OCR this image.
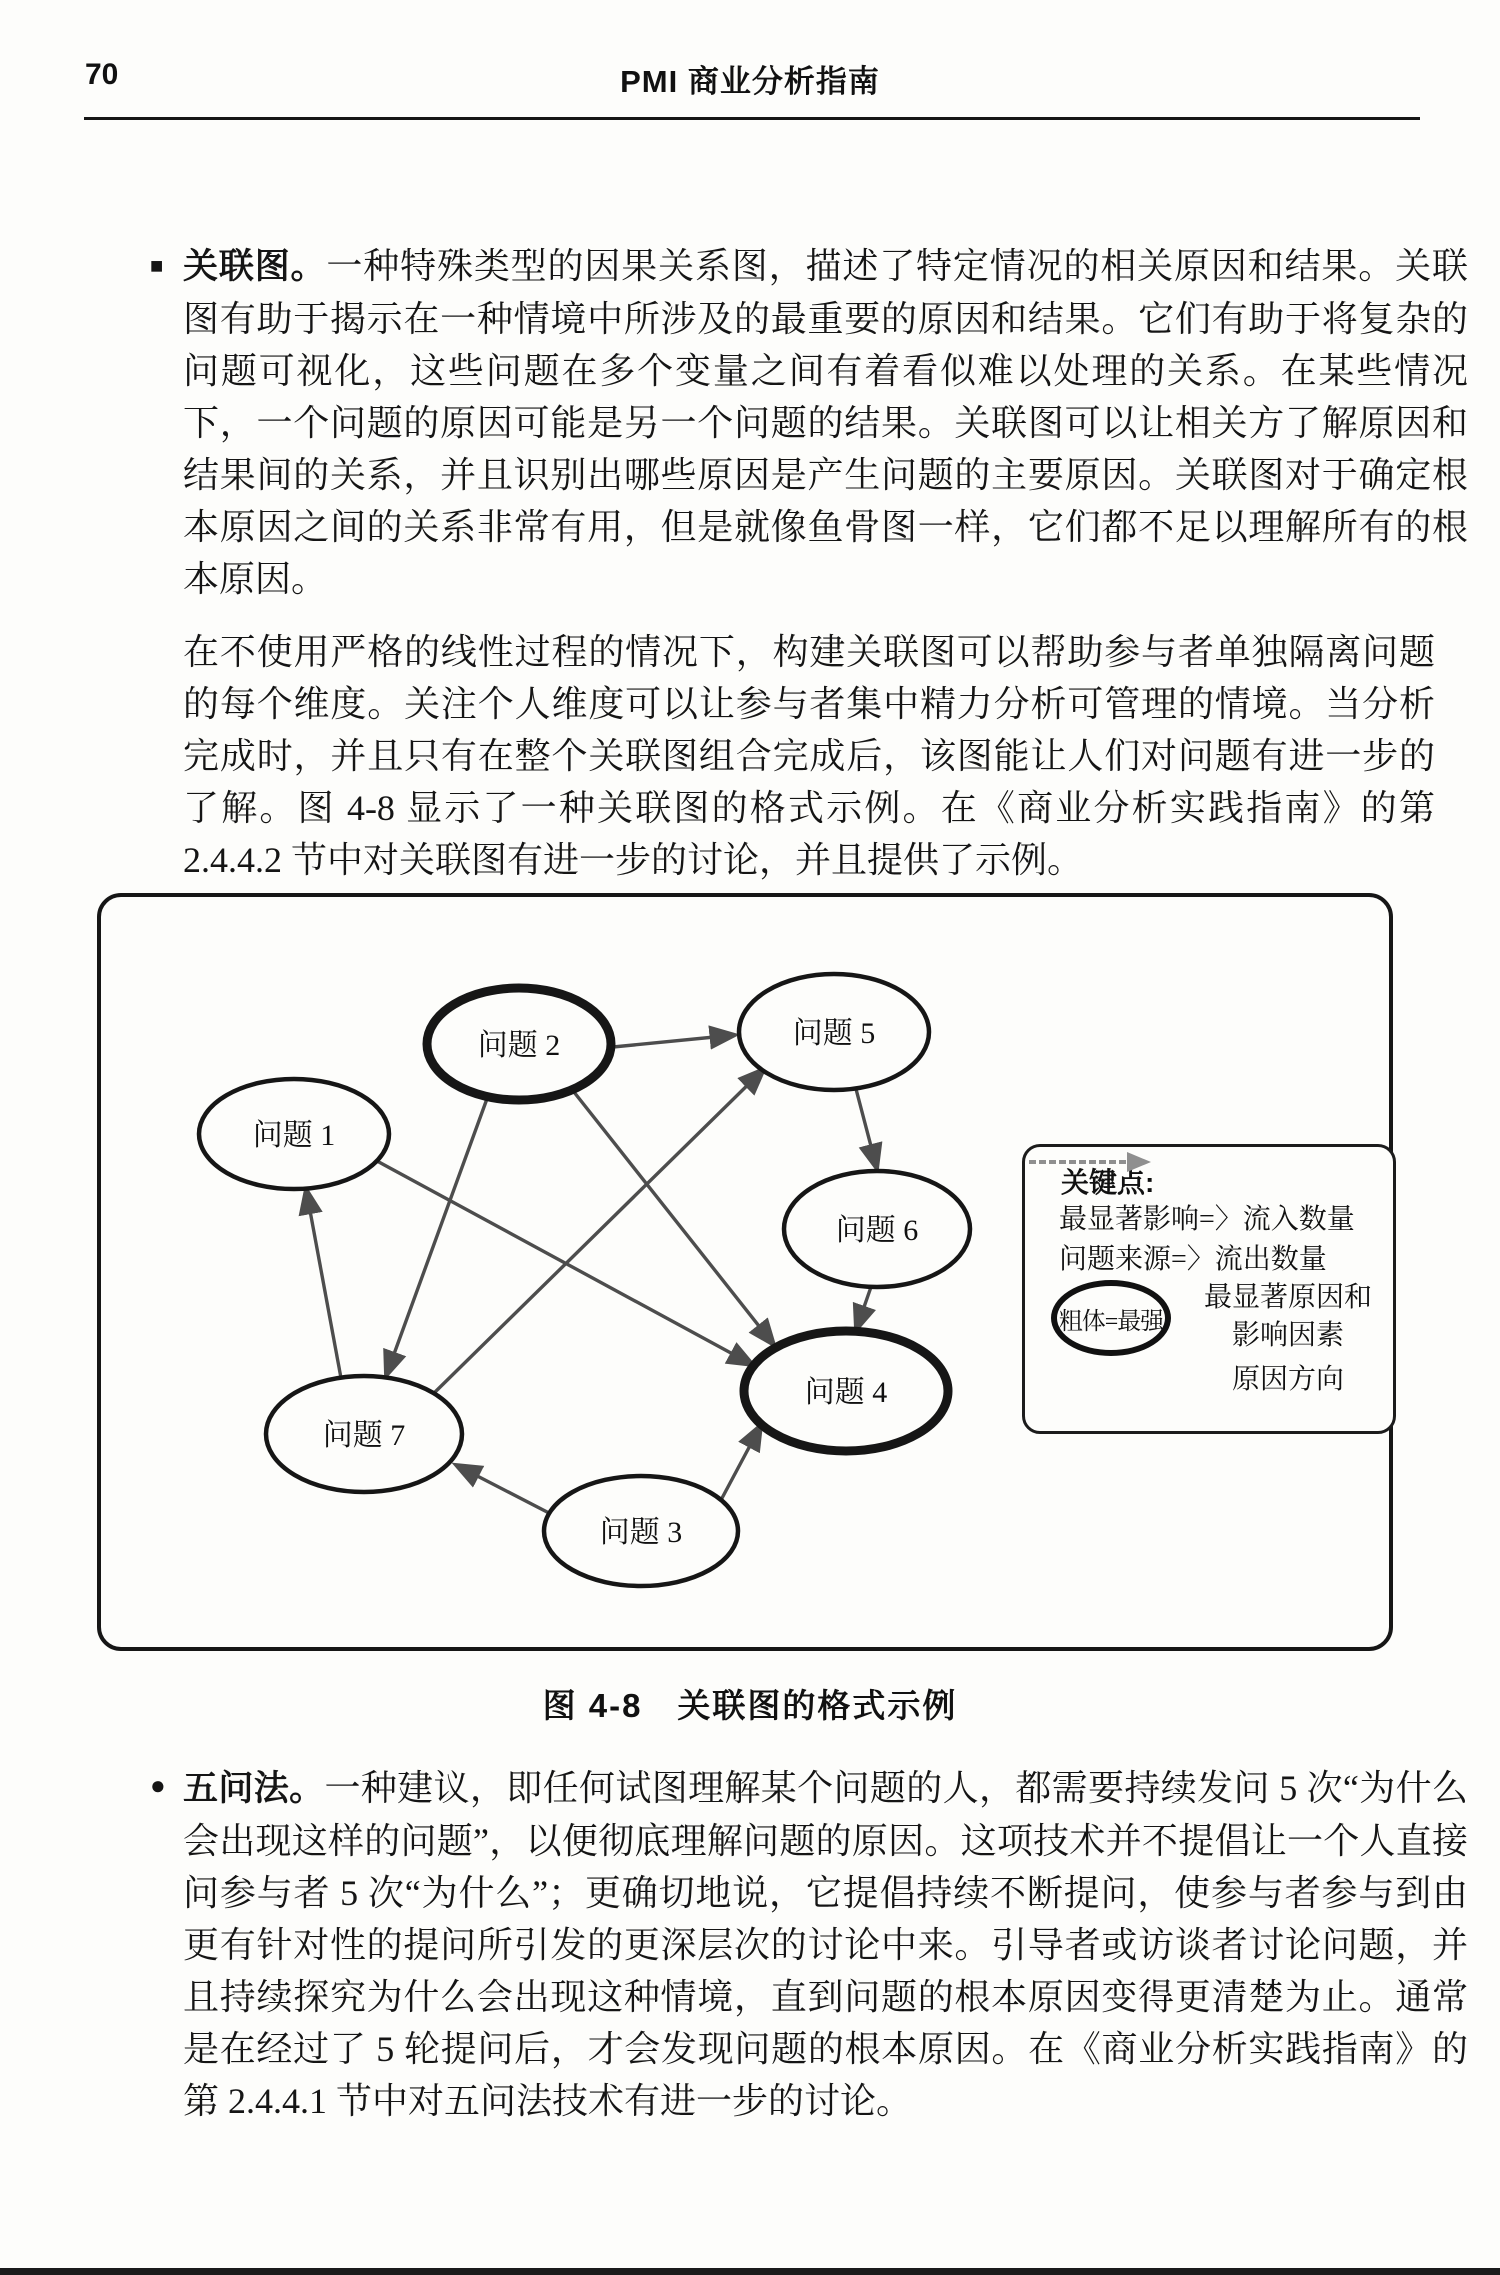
70	PMI 商业分析指南
■ 关联图。一种特殊类型的因果关系图，描述了特定情况的相关原因和结果。关联图有助于揭示在一种情境中所涉及的最重要的原因和结果。它们有助于将复杂的问题可视化，这些问题在多个变量之间有着看似难以处理的关系。在某些情况下，一个问题的原因可能是另一个问题的结果。关联图可以让相关方了解原因和结果间的关系，并且识别出哪些原因是产生问题的主要原因。关联图对于确定根本原因之间的关系非常有用，但是就像鱼骨图一样，它们都不足以理解所有的根本原因。
在不使用严格的线性过程的情况下，构建关联图可以帮助参与者单独隔离问题的每个维度。关注个人维度可以让参与者集中精力分析可管理的情境。当分析完成时，并且只有在整个关联图组合完成后，该图能让人们对问题有进一步的了解。图 4-8 显示了一种关联图的格式示例。在《商业分析实践指南》的第 2.4.4.2 节中对关联图有进一步的讨论，并且提供了示例。
问题 1
问题 2
问题 3
问题 4
问题 5
问题 6
问题 7
关键点:
最显著影响=〉流入数量
问题来源=〉流出数量
粗体=最强
最显著原因和
影响因素
原因方向
图 4-8　关联图的格式示例
● 五问法。一种建议，即任何试图理解某个问题的人，都需要持续发问 5 次“为什么会出现这样的问题”，以便彻底理解问题的原因。这项技术并不提倡让一个人直接问参与者 5 次“为什么”；更确切地说，它提倡持续不断提问，使参与者参与到由更有针对性的提问所引发的更深层次的讨论中来。引导者或访谈者讨论问题，并且持续探究为什么会出现这种情境，直到问题的根本原因变得更清楚为止。通常是在经过了 5 轮提问后，才会发现问题的根本原因。在《商业分析实践指南》的第 2.4.4.1 节中对五问法技术有进一步的讨论。
